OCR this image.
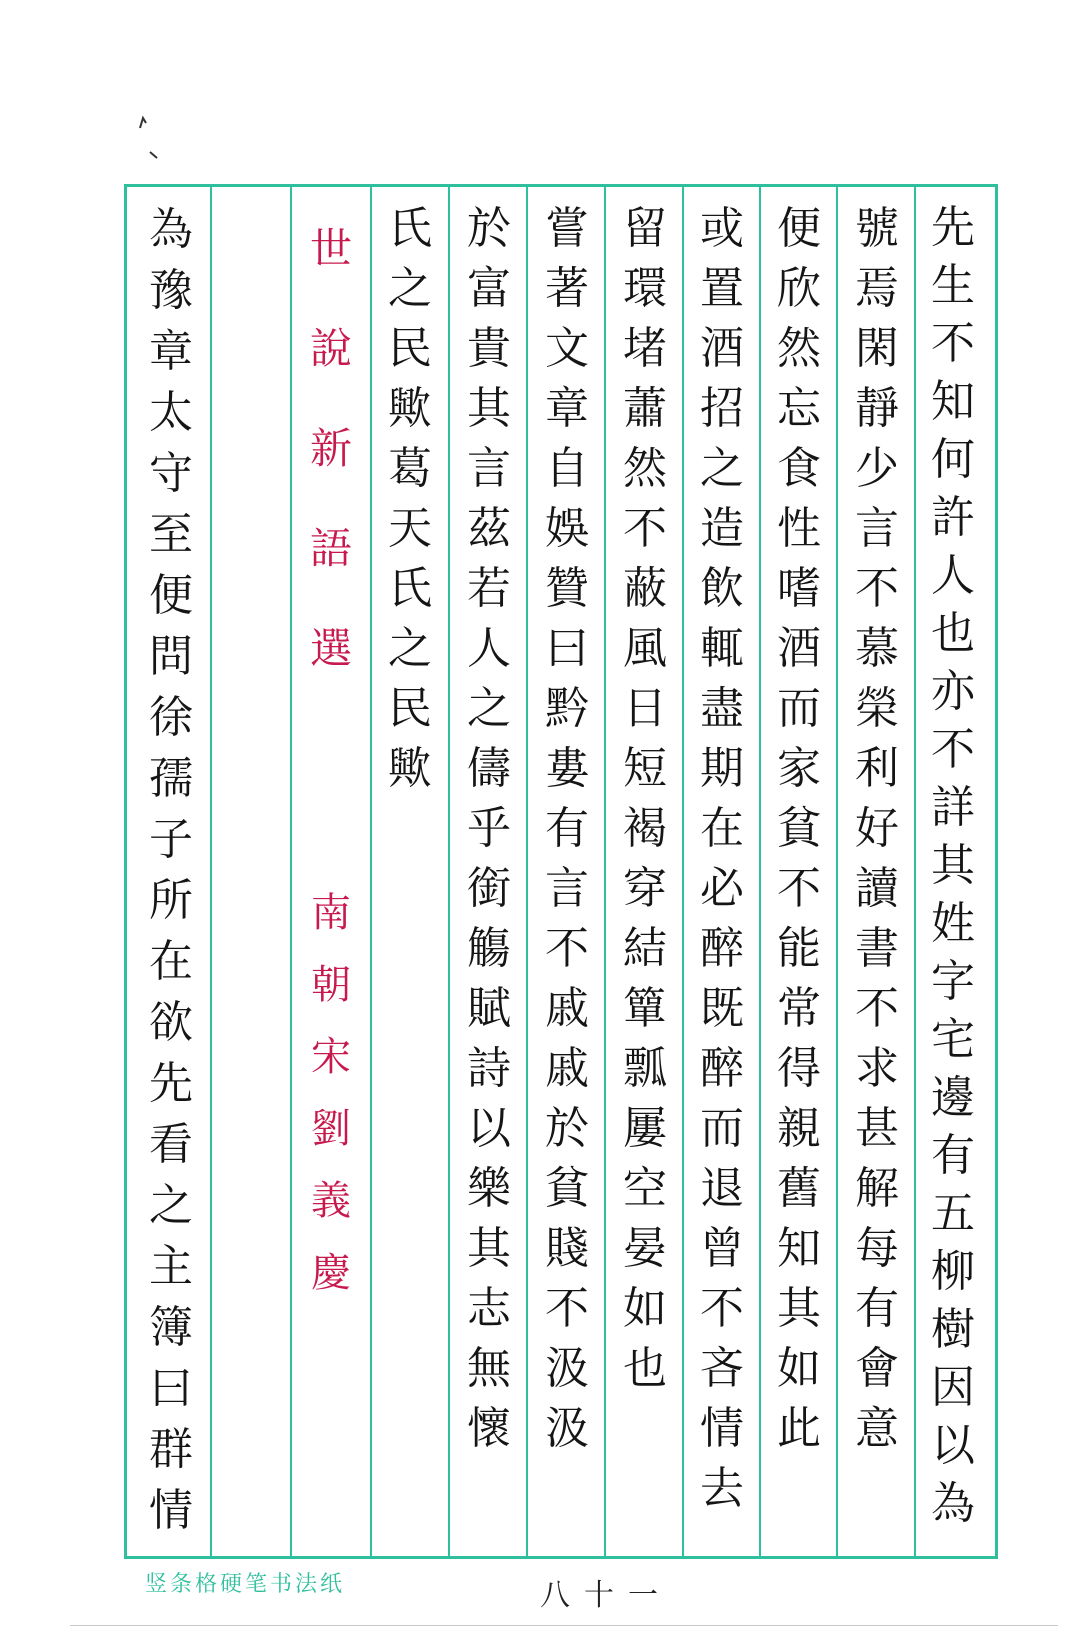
先
生
不
知
何
許
人
也
亦
不
詳
其
姓
字
宅
邊
有
五
柳
樹
因
以
為
號
焉
閑
靜
少
言
不
慕
榮
利
好
讀
書
不
求
甚
解
每
有
會
意
便
欣
然
忘
食
性
嗜
酒
而
家
貧
不
能
常
得
親
舊
知
其
如
此
或
置
酒
招
之
造
飲
輒
盡
期
在
必
醉
既
醉
而
退
曾
不
吝
情
去
留
環
堵
蕭
然
不
蔽
風
日
短
褐
穿
結
簞
瓢
屢
空
晏
如
也
嘗
著
文
章
自
娛
贊
曰
黔
婁
有
言
不
戚
戚
於
貧
賤
不
汲
汲
於
富
貴
其
言
茲
若
人
之
儔
乎
銜
觴
賦
詩
以
樂
其
志
無
懷
氏
之
民
歟
葛
天
氏
之
民
歟
世
說
新
語
選
南
朝
宋
劉
義
慶
為
豫
章
太
守
至
便
問
徐
孺
子
所
在
欲
先
看
之
主
簿
曰
群
情

竖条格硬笔书法纸	八十一
